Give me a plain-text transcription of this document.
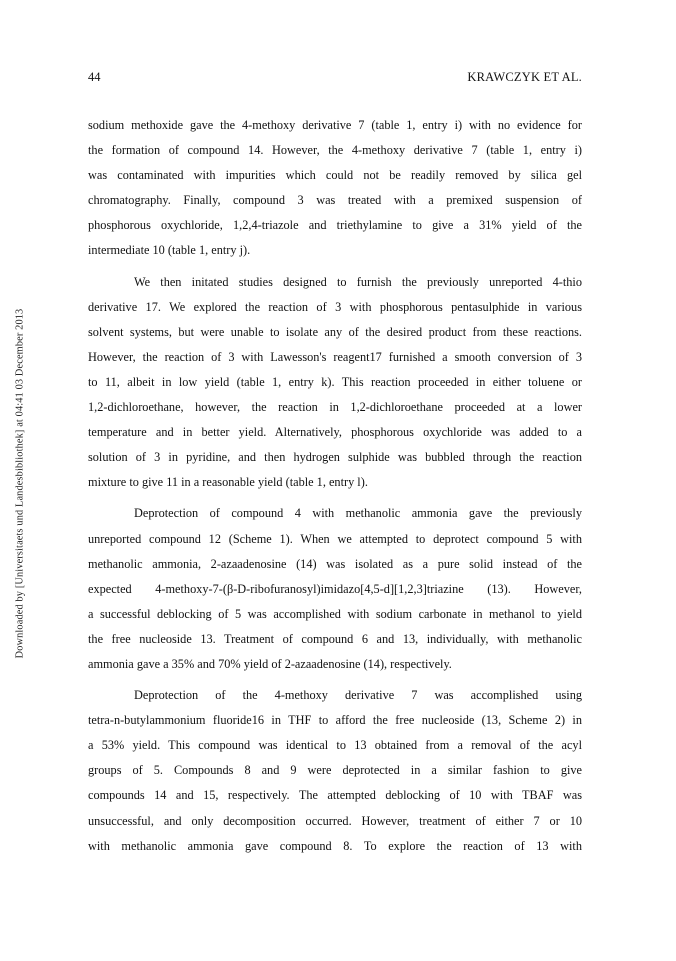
Downloaded by [Universitaets und Landesbibliothek] at 04:41 03 December 2013
44	KRAWCZYK ET AL.
sodium methoxide gave the 4-methoxy derivative 7 (table 1, entry i) with no evidence for
the formation of compound 14. However, the 4-methoxy derivative 7 (table 1, entry i)
was contaminated with impurities which could not be readily removed by silica gel
chromatography. Finally, compound 3 was treated with a premixed suspension of
phosphorous oxychloride, 1,2,4-triazole and triethylamine to give a 31% yield of the
intermediate 10 (table 1, entry j).
We then initated studies designed to furnish the previously unreported 4-thio
derivative 17. We explored the reaction of 3 with phosphorous pentasulphide in various
solvent systems, but were unable to isolate any of the desired product from these reactions.
However, the reaction of 3 with Lawesson's reagent17 furnished a smooth conversion of 3
to 11, albeit in low yield (table 1, entry k). This reaction proceeded in either toluene or
1,2-dichloroethane, however, the reaction in 1,2-dichloroethane proceeded at a lower
temperature and in better yield. Alternatively, phosphorous oxychloride was added to a
solution of 3 in pyridine, and then hydrogen sulphide was bubbled through the reaction
mixture to give 11 in a reasonable yield (table 1, entry l).
Deprotection of compound 4 with methanolic ammonia gave the previously
unreported compound 12 (Scheme 1). When we attempted to deprotect compound 5 with
methanolic ammonia, 2-azaadenosine (14) was isolated as a pure solid instead of the
expected 4-methoxy-7-(β-D-ribofuranosyl)imidazo[4,5-d][1,2,3]triazine (13). However,
a successful deblocking of 5 was accomplished with sodium carbonate in methanol to yield
the free nucleoside 13. Treatment of compound 6 and 13, individually, with methanolic
ammonia gave a 35% and 70% yield of 2-azaadenosine (14), respectively.
Deprotection of the 4-methoxy derivative 7 was accomplished using
tetra-n-butylammonium fluoride16 in THF to afford the free nucleoside (13, Scheme 2) in
a 53% yield. This compound was identical to 13 obtained from a removal of the acyl
groups of 5. Compounds 8 and 9 were deprotected in a similar fashion to give
compounds 14 and 15, respectively. The attempted deblocking of 10 with TBAF was
unsuccessful, and only decomposition occurred. However, treatment of either 7 or 10
with methanolic ammonia gave compound 8. To explore the reaction of 13 with
